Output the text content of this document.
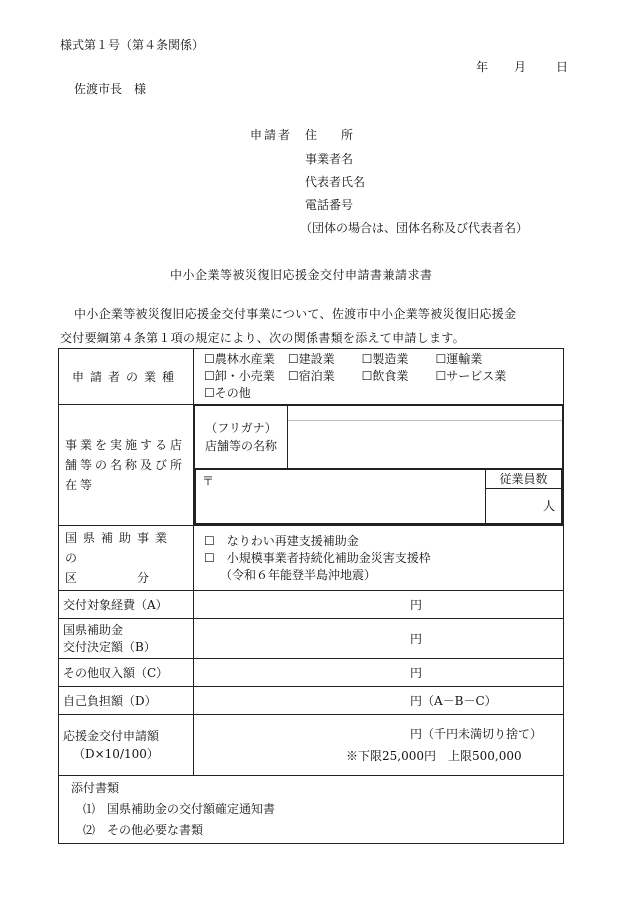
様式第１号（第４条関係）
年 月 日
佐渡市長　様
申請者 住　　所
事業者名
代表者氏名
電話番号
（団体の場合は、団体名称及び代表者名）
中小企業等被災復旧応援金交付申請書兼請求書
中小企業等被災復旧応援金交付事業について、佐渡市中小企業等被災復旧応援金
交付要綱第４条第１項の規定により、次の関係書類を添えて申請します。
申請者の業種	
☐農林水産業 ☐建設業 ☐製造業 ☐運輸業
☐卸・小売業 ☐宿泊業 ☐飲食業 ☐サービス業
☐その他

事業を実施する店舗等の名称及び所在等	
（フリガナ）
店舗等の名称

〒	従業員数
人

国県補助事業の
区　　　　　分

☐　なりわい再建支援補助金
☐　小規模事業者持続化補助金災害支援枠
（令和６年能登半島沖地震）

交付対象経費（A）	円

国県補助金
交付決定額（B）
	円
その他収入額（C）	円
自己負担額（D）	円（A－B－C）

応援金交付申請額
（D×10/100）

円（千円未満切り捨て）
※下限25,000円　上限500,000

添付書類
⑴　国県補助金の交付額確定通知書
⑵　その他必要な書類
